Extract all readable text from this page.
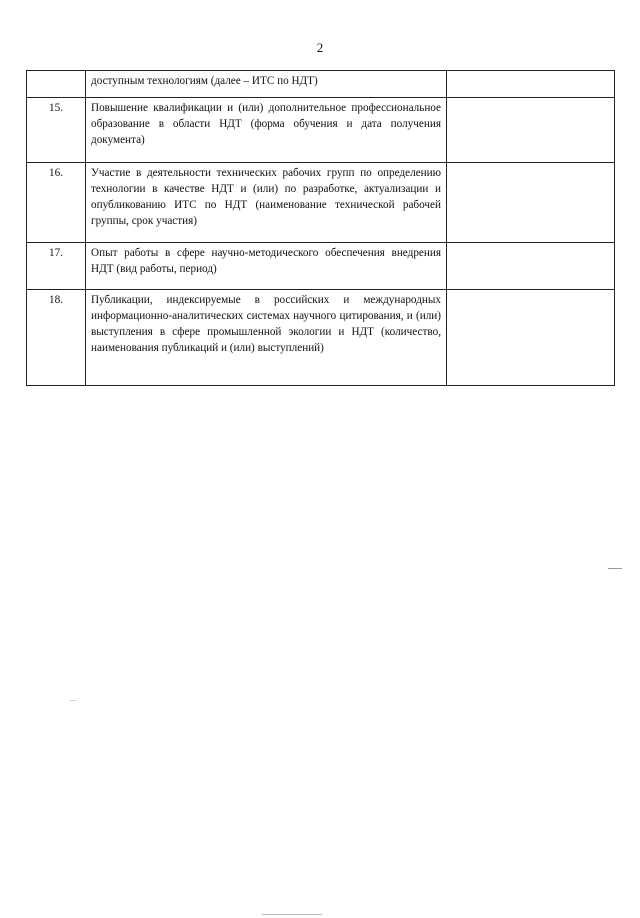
2
	доступным технологиям (далее – ИТС по НДТ)	
15.	Повышение квалификации и (или) дополнительное профессиональное образование в области НДТ (форма обучения и дата получения документа)	
16.	Участие в деятельности технических рабочих групп по определению технологии в качестве НДТ и (или) по разработке, актуализации и опубликованию ИТС по НДТ (наименование технической рабочей группы, срок участия)	
17.	Опыт работы в сфере научно-методического обеспечения внедрения НДТ (вид работы, период)	
18.	Публикации, индексируемые в российских и международных информационно-аналитических системах научного цитирования, и (или) выступления в сфере промышленной экологии и НДТ (количество, наименования публикаций и (или) выступлений)	
